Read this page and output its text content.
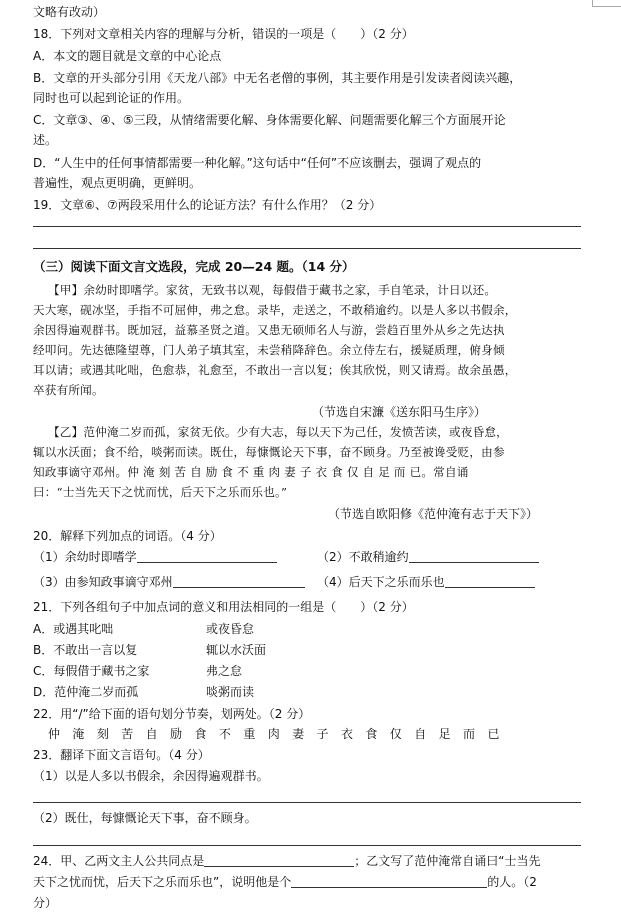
文略有改动）
18．下列对文章相关内容的理解与分析，错误的一项是（　　）（2 分）
A．本文的题目就是文章的中心论点
B．文章的开头部分引用《天龙八部》中无名老僧的事例，其主要作用是引发读者阅读兴趣，
同时也可以起到论证的作用。
C．文章③、④、⑤三段，从情绪需要化解、身体需要化解、问题需要化解三个方面展开论
述。
D．“人生中的任何事情都需要一种化解。”这句话中“任何”不应该删去，强调了观点的
普遍性，观点更明确，更鲜明。
19．文章⑥、⑦两段采用什么的论证方法？有什么作用？（2 分）
（三）阅读下面文言文选段，完成 20—24 题。（14 分）
【甲】余幼时即嗜学。家贫，无致书以观，每假借于藏书之家，手自笔录，计日以还。
天大寒，砚冰坚，手指不可屈伸，弗之怠。录毕，走送之，不敢稍逾约。以是人多以书假余，
余因得遍观群书。既加冠，益慕圣贤之道。又患无硕师名人与游，尝趋百里外从乡之先达执
经叩问。先达德隆望尊，门人弟子填其室，未尝稍降辞色。余立侍左右，援疑质理，俯身倾
耳以请；或遇其叱咄，色愈恭，礼愈至，不敢出一言以复；俟其欣悦，则又请焉。故余虽愚，
卒获有所闻。
（节选自宋濂《送东阳马生序》）
【乙】范仲淹二岁而孤，家贫无依。少有大志，每以天下为己任，发愤苦读，或夜昏怠，
辄以水沃面；食不给，啖粥而读。既仕，每慷慨论天下事，奋不顾身。乃至被谗受贬，由参
知政事谪守邓州。仲 淹 刻 苦 自 励 食 不 重 肉 妻 子 衣 食 仅 自 足 而 已。常自诵
曰：“士当先天下之忧而忧，后天下之乐而乐也。”
（节选自欧阳修《范仲淹有志于天下》）
20．解释下列加点的词语。（4 分）
（1）余幼时即嗜学	（2）不敢稍逾约
（3）由参知政事谪守邓州	（4）后天下之乐而乐也
21．下列各组句子中加点词的意义和用法相同的一组是（　　）（2 分）
A．或遇其叱咄	或夜昏怠
B．不敢出一言以复	辄以水沃面
C．每假借于藏书之家	弗之怠
D．范仲淹二岁而孤	啖粥而读
22．用“/”给下面的语句划分节奏，划两处。（2 分）
仲 淹 刻 苦 自 励 食 不 重 肉 妻 子 衣 食 仅 自 足 而 已
23．翻译下面文言语句。（4 分）
（1）以是人多以书假余，余因得遍观群书。
（2）既仕，每慷慨论天下事，奋不顾身。
24．甲、乙两文主人公共同点是	；乙文写了范仲淹常自诵曰“士当先
天下之忧而忧，后天下之乐而乐也”，说明他是个	的人。（2
分）
